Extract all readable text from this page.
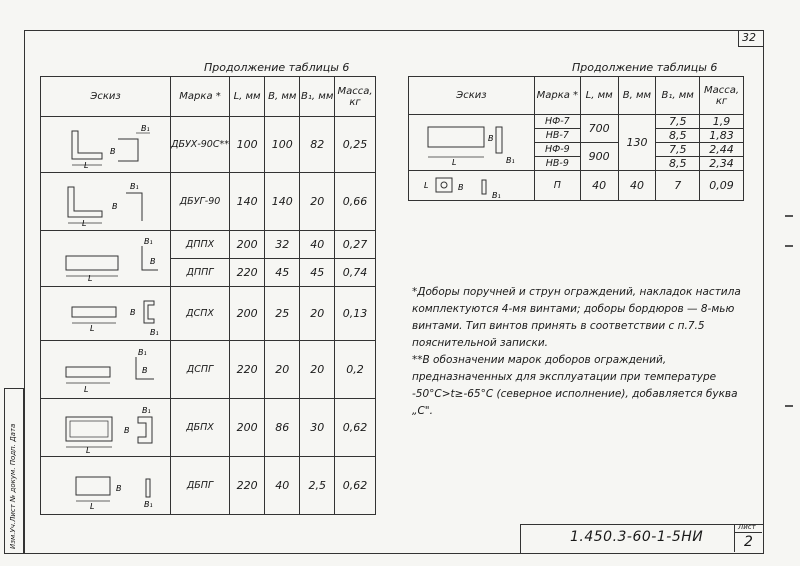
32
Изм.Уч.Лист № докум. Подп. Дата
Продолжение таблицы 6	Продолжение таблицы 6
Эскиз	Марка *	L, мм	В, мм	В₁, мм	Масса, кг

L
В₁
В	ДБУХ-90С**	100	100	82	0,25

L
В₁
В	ДБУГ-90	140	140	20	0,66

L
В₁
В	ДППХ	200	32	40	0,27
	ДППГ	220	45	45	0,74

L В₁
В	ДСПХ	200	25	20	0,13

L
В₁
В	ДСПГ	220	20	20	0,2

L
В₁
В	ДБПХ	200	86	30	0,62

L
В
В₁	ДБПГ	220	40	2,5	0,62
Эскиз	Марка *	L, мм	В, мм	В₁, мм	Масса, кг

L
В
В₁	НФ-7	700	130	7,5	1,9
	НВ-7			8,5	1,83
	НФ-9	900		7,5	2,44
	НВ-9			8,5	2,34

L В
В₁	П	40	40	7	0,09

*Доборы поручней и струн ограждений, накладок настила комплектуются 4-мя винтами; доборы бордюров — 8-мью винтами. Тип винтов принять в соответствии с п.7.5 пояснительной записки.

**В обозначении марок доборов ограждений, предназначенных для эксплуатации при температуре -50°С>t≥-65°С (северное исполнение), добавляется буква „С".

1.450.3-60-1-5НИ
Лист
2
